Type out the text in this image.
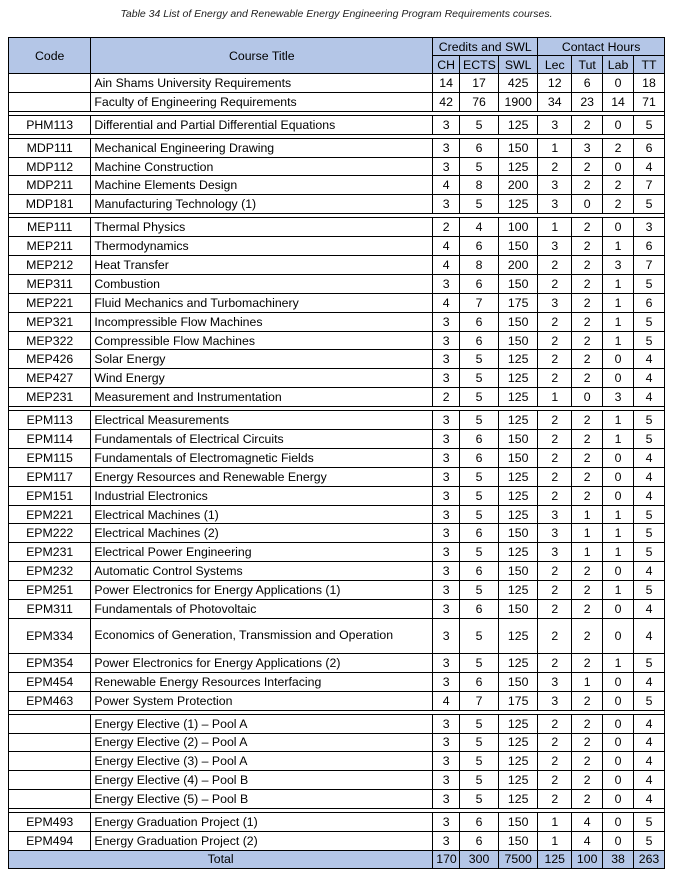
Table 34 List of Energy and Renewable Energy Engineering Program Requirements courses.
Code	Course Title	Credits and SWL			Contact Hours			
		CH	ECTS	SWL	Lec	Tut	Lab	TT
	Ain Shams University Requirements	14	17	425	12	6	0	18
	Faculty of Engineering Requirements	42	76	1900	34	23	14	71

PHM113	Differential and Partial Differential Equations	3	5	125	3	2	0	5

MDP111	Mechanical Engineering Drawing	3	6	150	1	3	2	6
MDP112	Machine Construction	3	5	125	2	2	0	4
MDP211	Machine Elements Design	4	8	200	3	2	2	7
MDP181	Manufacturing Technology (1)	3	5	125	3	0	2	5

MEP111	Thermal Physics	2	4	100	1	2	0	3
MEP211	Thermodynamics	4	6	150	3	2	1	6
MEP212	Heat Transfer	4	8	200	2	2	3	7
MEP311	Combustion	3	6	150	2	2	1	5
MEP221	Fluid Mechanics and Turbomachinery	4	7	175	3	2	1	6
MEP321	Incompressible Flow Machines	3	6	150	2	2	1	5
MEP322	Compressible Flow Machines	3	6	150	2	2	1	5
MEP426	Solar Energy	3	5	125	2	2	0	4
MEP427	Wind Energy	3	5	125	2	2	0	4
MEP231	Measurement and Instrumentation	2	5	125	1	0	3	4

EPM113	Electrical Measurements	3	5	125	2	2	1	5
EPM114	Fundamentals of Electrical Circuits	3	6	150	2	2	1	5
EPM115	Fundamentals of Electromagnetic Fields	3	6	150	2	2	0	4
EPM117	Energy Resources and Renewable Energy	3	5	125	2	2	0	4
EPM151	Industrial Electronics	3	5	125	2	2	0	4
EPM221	Electrical Machines (1)	3	5	125	3	1	1	5
EPM222	Electrical Machines (2)	3	6	150	3	1	1	5
EPM231	Electrical Power Engineering	3	5	125	3	1	1	5
EPM232	Automatic Control Systems	3	6	150	2	2	0	4
EPM251	Power Electronics for Energy Applications (1)	3	5	125	2	2	1	5
EPM311	Fundamentals of Photovoltaic	3	6	150	2	2	0	4
EPM334	Economics of Generation, Transmission and Operation	3	5	125	2	2	0	4
EPM354	Power Electronics for Energy Applications (2)	3	5	125	2	2	1	5
EPM454	Renewable Energy Resources Interfacing	3	6	150	3	1	0	4
EPM463	Power System Protection	4	7	175	3	2	0	5

	Energy Elective (1) – Pool A	3	5	125	2	2	0	4
	Energy Elective (2) – Pool A	3	5	125	2	2	0	4
	Energy Elective (3) – Pool A	3	5	125	2	2	0	4
	Energy Elective (4) – Pool B	3	5	125	2	2	0	4
	Energy Elective (5) – Pool B	3	5	125	2	2	0	4

EPM493	Energy Graduation Project (1)	3	6	150	1	4	0	5
EPM494	Energy Graduation Project (2)	3	6	150	1	4	0	5
Total		170	300	7500	125	100	38	263
